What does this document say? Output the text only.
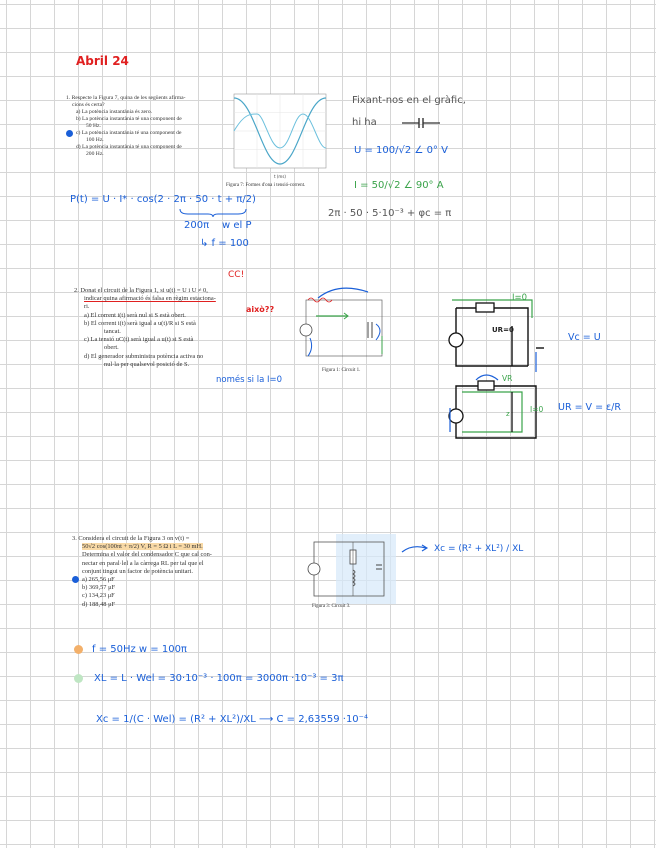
Abril 24
1. Respecte la Figura 7, quina de les següents afirma-
cions és certa?
a) La potència instantània és zero.
b) La potència instantània té una component de
50 Hz.
c) La potència instantània té una component de
100 Hz.
d) La potència instantània té una component de
200 Hz.
t (ms)
Figura 7: Formes d'ona i tensió-corrent.
Fixant-nos en el gràfic,
hi ha
U = 100/√2 ∠ 0° V
I = 50/√2 ∠ 90° A
2π · 50 · 5·10⁻³ + φc = π
P(t) = U · I* · cos(2 · 2π · 50 · t + π/2)
200π w el P
↳ f = 100
CC!
2. Donat el circuit de la Figura 1, si u(t) = U i U ≠ 0,
indicar quina afirmació és falsa en règim estaciona-
ri.
a) El corrent i(t) serà nul si S està obert.
b) El corrent i(t) serà igual a u(t)/R si S està
tancat.
c) La tensió uC(t) serà igual a u(t) si S està
obert.
d) El generador subministra potència activa no
nul·la per qualsevol posició de S.
això??
només si la I=0
Figura 1: Circuit 1.
I=0
UR=0
Vc = U
VR
z	I=0 UR = V = ε/R
3. Considera el circuit de la Figura 3 on v(t) =
50√2 cos(100πt + π/2) V, R = 5 Ω i L = 30 mH.
Determina el valor del condensador C que cal con-
nectar en paral·lel a la càrrega RL per tal que el
conjunt tingui un factor de potència unitari.
a) 265,56 μF
b) 369,57 μF
c) 134,23 μF
d) 188,48 μF	Figura 3: Circuit 3.
Xc = (R² + XL²) / XL
f = 50Hz w = 100π
XL = L · Wel = 30·10⁻³ · 100π = 3000π ·10⁻³ = 3π
Xc = 1/(C · Wel) = (R² + XL²)/XL ⟶ C = 2,63559 ·10⁻⁴
